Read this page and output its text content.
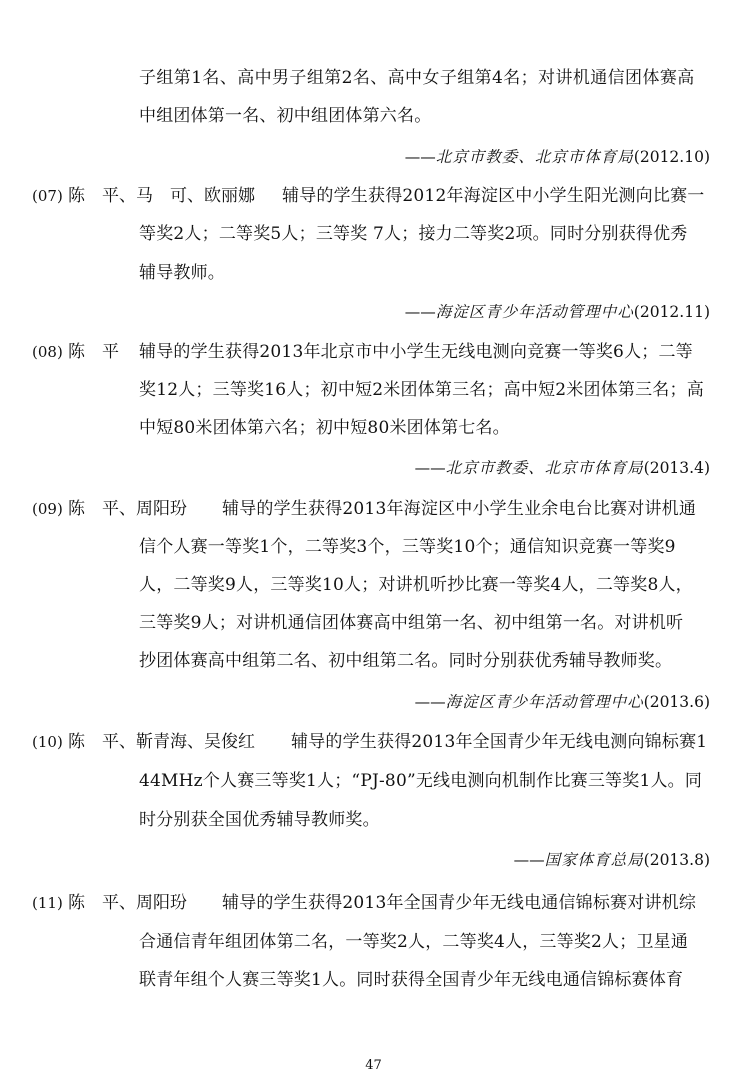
子组第1名、高中男子组第2名、高中女子组第4名；对讲机通信团体赛高
中组团体第一名、初中组团体第六名。
——北京市教委、北京市体育局(2012.10)
(07) 陈　平、马　可、欧丽娜 辅导的学生获得2012年海淀区中小学生阳光测向比赛一
等奖2人；二等奖5人；三等奖 7人；接力二等奖2项。同时分别获得优秀
辅导教师。
——海淀区青少年活动管理中心(2012.11)
(08) 陈　平 辅导的学生获得2013年北京市中小学生无线电测向竞赛一等奖6人；二等
奖12人；三等奖16人；初中短2米团体第三名；高中短2米团体第三名；高
中短80米团体第六名；初中短80米团体第七名。
——北京市教委、北京市体育局(2013.4)
(09) 陈　平、周阳玢 辅导的学生获得2013年海淀区中小学生业余电台比赛对讲机通
信个人赛一等奖1个，二等奖3个，三等奖10个；通信知识竞赛一等奖9
人，二等奖9人，三等奖10人；对讲机听抄比赛一等奖4人，二等奖8人，
三等奖9人；对讲机通信团体赛高中组第一名、初中组第一名。对讲机听
抄团体赛高中组第二名、初中组第二名。同时分别获优秀辅导教师奖。
——海淀区青少年活动管理中心(2013.6)
(10) 陈　平、靳青海、吴俊红 辅导的学生获得2013年全国青少年无线电测向锦标赛1
44MHz个人赛三等奖1人；“PJ-80”无线电测向机制作比赛三等奖1人。同
时分别获全国优秀辅导教师奖。
——国家体育总局(2013.8)
(11) 陈　平、周阳玢 辅导的学生获得2013年全国青少年无线电通信锦标赛对讲机综
合通信青年组团体第二名，一等奖2人，二等奖4人，三等奖2人；卫星通
联青年组个人赛三等奖1人。同时获得全国青少年无线电通信锦标赛体育
47
